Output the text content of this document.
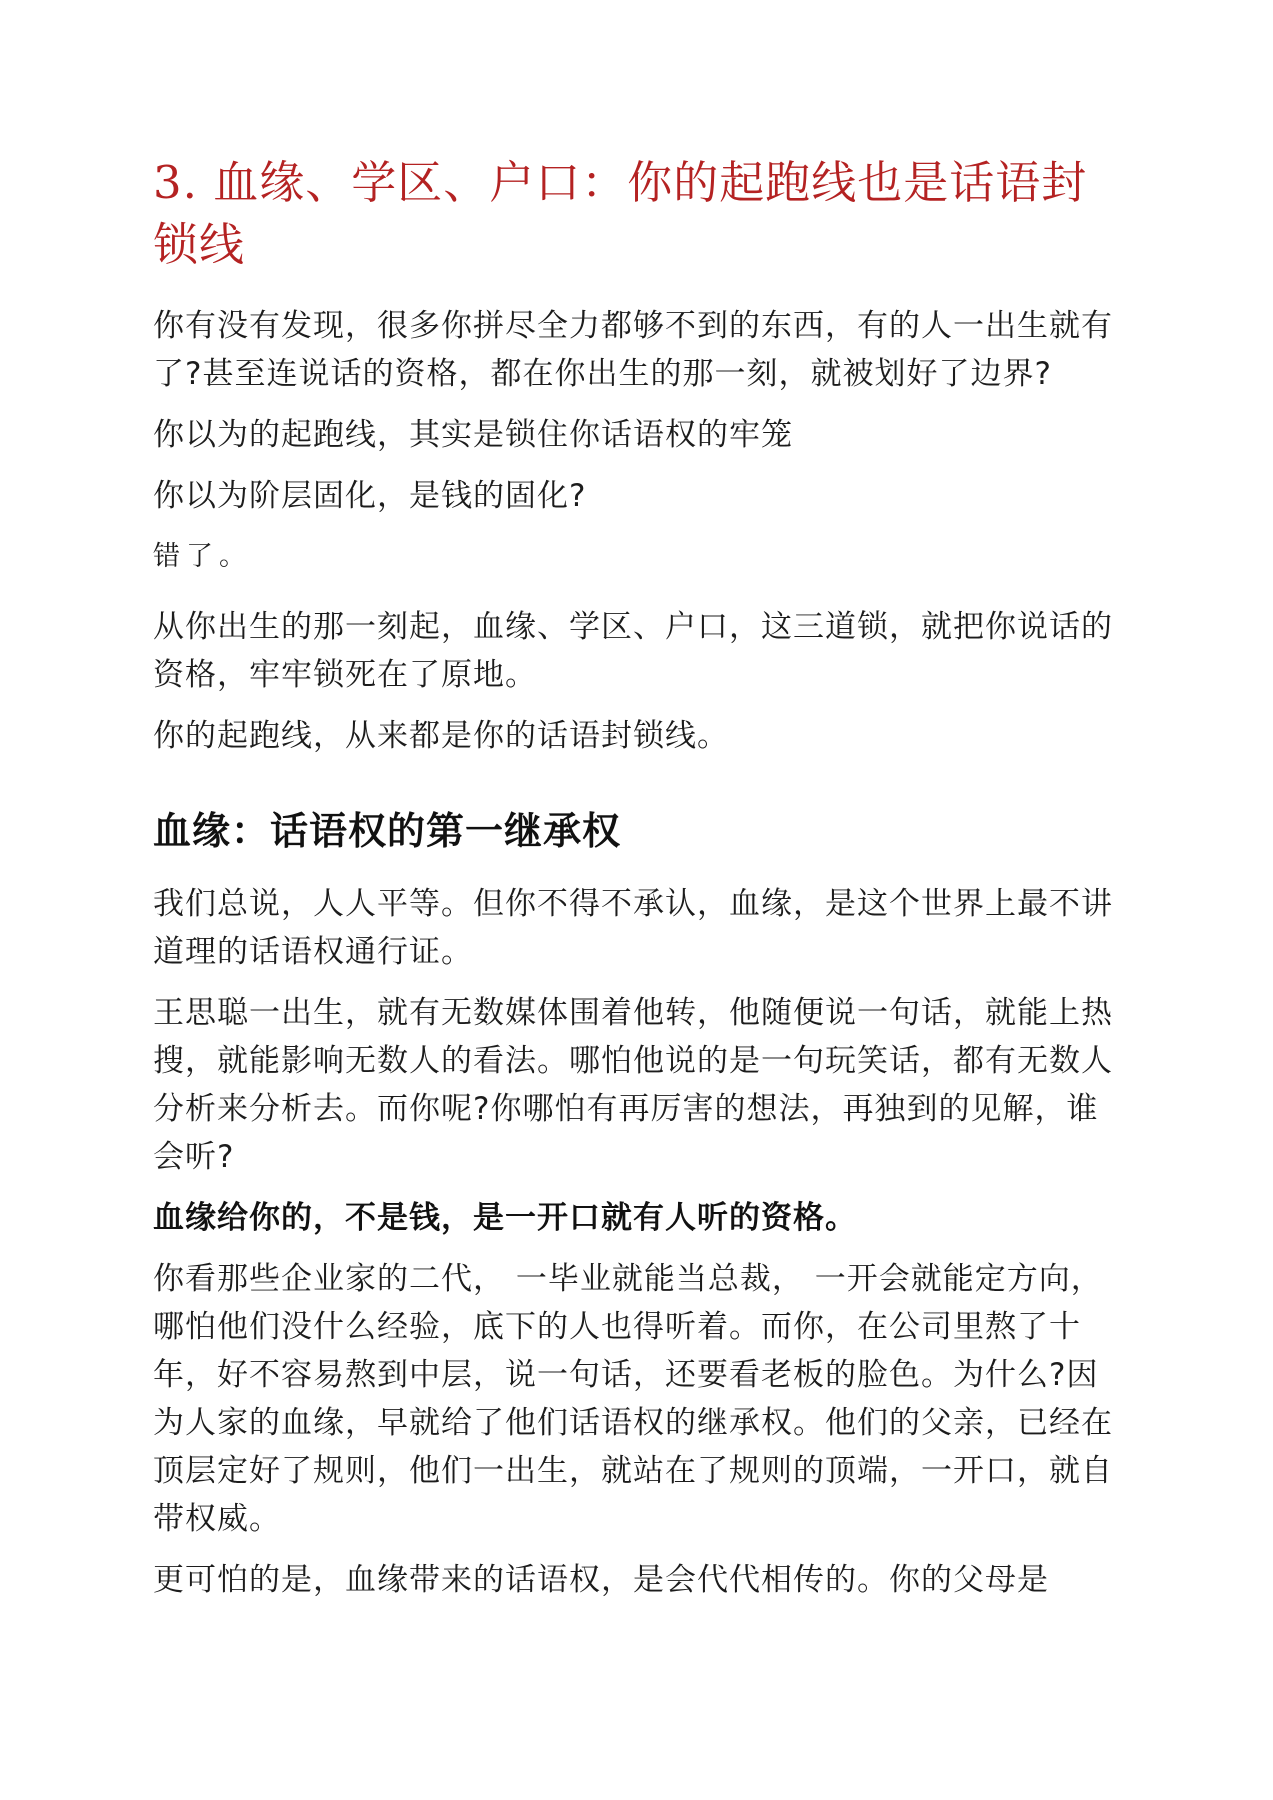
3. 血缘、学区、户口：你的起跑线也是话语封锁线

你有没有发现，很多你拼尽全力都够不到的东西，有的人一出生就有了?甚至连说话的资格，都在你出生的那一刻，就被划好了边界?

你以为的起跑线，其实是锁住你话语权的牢笼

你以为阶层固化，是钱的固化?

错了。

从你出生的那一刻起，血缘、学区、户口，这三道锁，就把你说话的资格，牢牢锁死在了原地。

你的起跑线，从来都是你的话语封锁线。

血缘：话语权的第一继承权

我们总说，人人平等。但你不得不承认，血缘，是这个世界上最不讲道理的话语权通行证。

王思聪一出生，就有无数媒体围着他转，他随便说一句话，就能上热搜，就能影响无数人的看法。哪怕他说的是一句玩笑话，都有无数人分析来分析去。而你呢?你哪怕有再厉害的想法，再独到的见解，谁会听?

血缘给你的，不是钱，是一开口就有人听的资格。

你看那些企业家的二代， 一毕业就能当总裁， 一开会就能定方向，哪怕他们没什么经验，底下的人也得听着。而你，在公司里熬了十年，好不容易熬到中层，说一句话，还要看老板的脸色。为什么?因为人家的血缘，早就给了他们话语权的继承权。他们的父亲，已经在顶层定好了规则，他们一出生，就站在了规则的顶端，一开口，就自带权威。

更可怕的是，血缘带来的话语权，是会代代相传的。你的父母是
